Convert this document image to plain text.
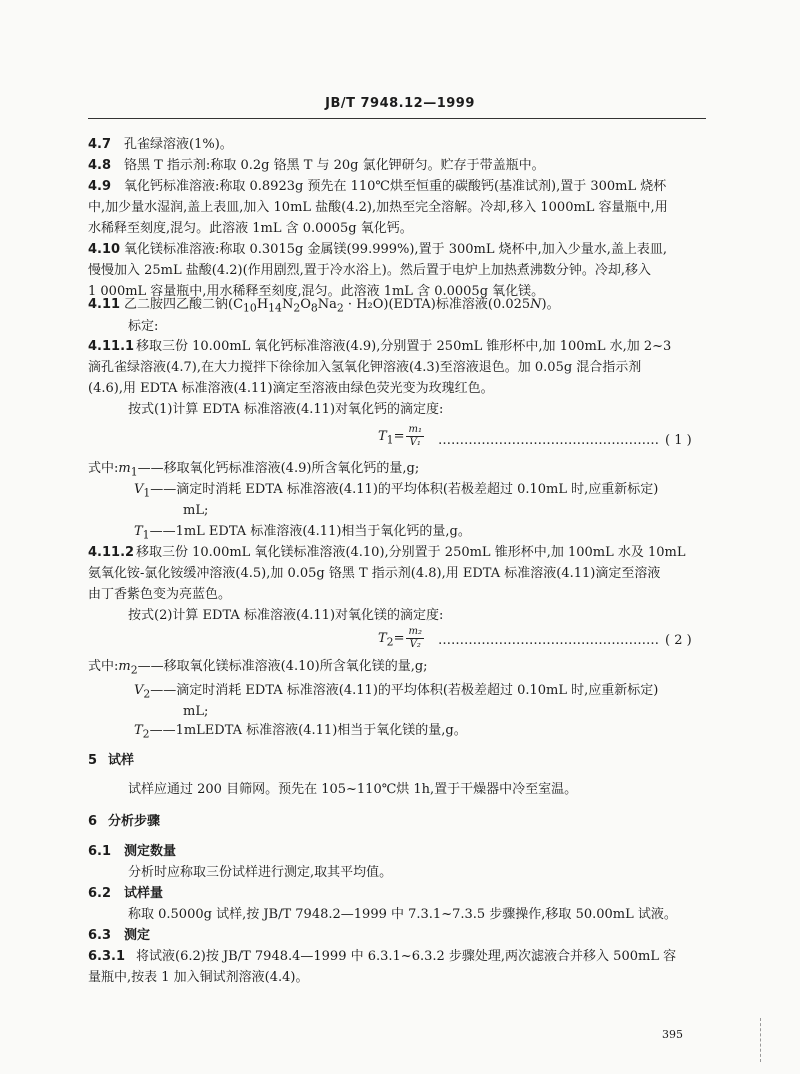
JB/T 7948.12—1999
4.7 孔雀绿溶液(1%)。
4.8 铬黑 T 指示剂:称取 0.2g 铬黑 T 与 20g 氯化钾研匀。贮存于带盖瓶中。
4.9 氧化钙标准溶液:称取 0.8923g 预先在 110℃烘至恒重的碳酸钙(基准试剂),置于 300mL 烧杯
中,加少量水湿润,盖上表皿,加入 10mL 盐酸(4.2),加热至完全溶解。冷却,移入 1000mL 容量瓶中,用
水稀释至刻度,混匀。此溶液 1mL 含 0.0005g 氧化钙。
4.10 氧化镁标准溶液:称取 0.3015g 金属镁(99.999%),置于 300mL 烧杯中,加入少量水,盖上表皿,
慢慢加入 25mL 盐酸(4.2)(作用剧烈,置于冷水浴上)。然后置于电炉上加热煮沸数分钟。冷却,移入
1 000mL 容量瓶中,用水稀释至刻度,混匀。此溶液 1mL 含 0.0005g 氧化镁。
4.11 乙二胺四乙酸二钠($C_{10}H_{14}N_2O_8Na_2$ · H₂O)(EDTA)标准溶液(0.025N)。
标定:
4.11.1 移取三份 10.00mL 氧化钙标准溶液(4.9),分别置于 250mL 锥形杯中,加 100mL 水,加 2~3
滴孔雀绿溶液(4.7),在大力搅拌下徐徐加入氢氧化钾溶液(4.3)至溶液退色。加 0.05g 混合指示剂
(4.6),用 EDTA 标准溶液(4.11)滴定至溶液由绿色荧光变为玫瑰红色。
按式(1)计算 EDTA 标准溶液(4.11)对氧化钙的滴定度:
$T_1= \frac{\text{m₁}}{\text{V₁}}$ …………………………………………… ( 1 )
式中$:m_1——$移取氧化钙标准溶液(4.9)所含氧化钙的量,g;
$V_1——$滴定时消耗 EDTA 标准溶液(4.11)的平均体积(若极差超过 0.10mL 时,应重新标定)
mL;
$T_1——1mL$ EDTA 标准溶液(4.11)相当于氧化钙的量,g。
4.11.2 移取三份 10.00mL 氧化镁标准溶液(4.10),分别置于 250mL 锥形杯中,加 100mL 水及 10mL
氨氧化铵-氯化铵缓冲溶液(4.5),加 0.05g 铬黑 T 指示剂(4.8),用 EDTA 标准溶液(4.11)滴定至溶液
由丁香紫色变为亮蓝色。
按式(2)计算 EDTA 标准溶液(4.11)对氧化镁的滴定度:
$T_2= \frac{\text{m₂}}{\text{V₂}}$ …………………………………………… ( 2 )
式中$:m_2——$移取氧化镁标准溶液(4.10)所含氧化镁的量,g;
$V_2——$滴定时消耗 EDTA 标准溶液(4.11)的平均体积(若极差超过 0.10mL 时,应重新标定)
mL;
$T_2——1mLEDTA$ 标准溶液(4.11)相当于氧化镁的量,g。
5 试样
试样应通过 200 目筛网。预先在 105~110℃烘 1h,置于干燥器中冷至室温。
6 分析步骤
6.1 测定数量
分析时应称取三份试样进行测定,取其平均值。
6.2 试样量
称取 0.5000g 试样,按 JB/T 7948.2—1999 中 7.3.1~7.3.5 步骤操作,移取 50.00mL 试液。
6.3 测定
6.3.1 将试液(6.2)按 JB/T 7948.4—1999 中 6.3.1~6.3.2 步骤处理,两次滤液合并移入 500mL 容
量瓶中,按表 1 加入铜试剂溶液(4.4)。
395
